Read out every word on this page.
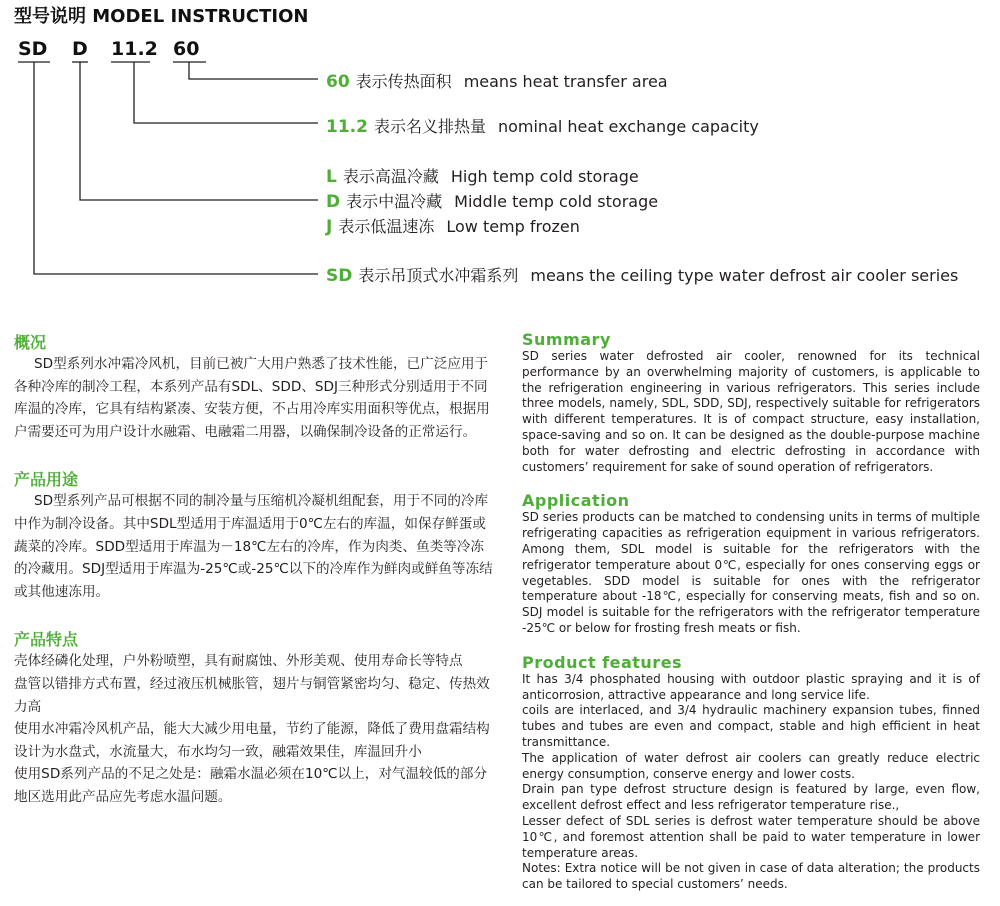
型号说明 MODEL INSTRUCTION
SD D 11.2 60
60 表示传热面积 means heat transfer area
11.2 表示名义排热量 nominal heat exchange capacity
L 表示高温冷藏 High temp cold storage
D 表示中温冷藏 Middle temp cold storage
J 表示低温速冻 Low temp frozen
SD 表示吊顶式水冲霜系列 means the ceiling type water defrost air cooler series
概况

SD型系列水冲霜冷风机，目前已被广大用户熟悉了技术性能，已广泛应用于各种冷库的制冷工程，本系列产品有SDL、SDD、SDJ三种形式分别适用于不同库温的冷库，它具有结构紧凑、安装方便，不占用冷库实用面积等优点，根据用户需要还可为用户设计水融霜、电融霜二用器，以确保制冷设备的正常运行。

产品用途

SD型系列产品可根据不同的制冷量与压缩机冷凝机组配套，用于不同的冷库中作为制冷设备。其中SDL型适用于库温适用于0℃左右的库温，如保存鲜蛋或蔬菜的冷库。SDD型适用于库温为－18℃左右的冷库，作为肉类、鱼类等冷冻的冷藏用。SDJ型适用于库温为-25℃或-25℃以下的冷库作为鲜肉或鲜鱼等冻结或其他速冻用。

产品特点

壳体经磷化处理，户外粉喷塑，具有耐腐蚀、外形美观、使用寿命长等特点

盘管以错排方式布置，经过液压机械胀管，翅片与铜管紧密均匀、稳定、传热效力高

使用水冲霜冷风机产品，能大大减少用电量，节约了能源，降低了费用盘霜结构设计为水盘式，水流量大，布水均匀一致，融霜效果佳，库温回升小

使用SD系列产品的不足之处是：融霜水温必须在10℃以上，对气温较低的部分地区选用此产品应先考虑水温问题。

Summary

SD series water defrosted air cooler, renowned for its technical performance by an overwhelming majority of customers, is applicable to the refrigeration engineering in various refrigerators. This series include three models, namely, SDL, SDD, SDJ, respectively suitable for refrigerators with different temperatures. It is of compact structure, easy installation, space-saving and so on. It can be designed as the double-purpose machine both for water defrosting and electric defrosting in accordance with customers’ requirement for sake of sound operation of refrigerators.

Application

SD series products can be matched to condensing units in terms of multiple refrigerating capacities as refrigeration equipment in various refrigerators. Among them, SDL model is suitable for the refrigerators with the refrigerator temperature about 0℃, especially for ones conserving eggs or vegetables. SDD model is suitable for ones with the refrigerator temperature about -18℃, especially for conserving meats, fish and so on. SDJ model is suitable for the refrigerators with the refrigerator temperature -25℃ or below for frosting fresh meats or fish.

Product features

It has 3/4 phosphated housing with outdoor plastic spraying and it is of anticorrosion, attractive appearance and long service life.

coils are interlaced, and 3/4 hydraulic machinery expansion tubes, finned tubes and tubes are even and compact, stable and high efficient in heat transmittance.

The application of water defrost air coolers can greatly reduce electric energy consumption, conserve energy and lower costs.

Drain pan type defrost structure design is featured by large, even flow, excellent defrost effect and less refrigerator temperature rise.,

Lesser defect of SDL series is defrost water temperature should be above 10℃, and foremost attention shall be paid to water temperature in lower temperature areas.

Notes: Extra notice will be not given in case of data alteration; the products can be tailored to special customers’ needs.
